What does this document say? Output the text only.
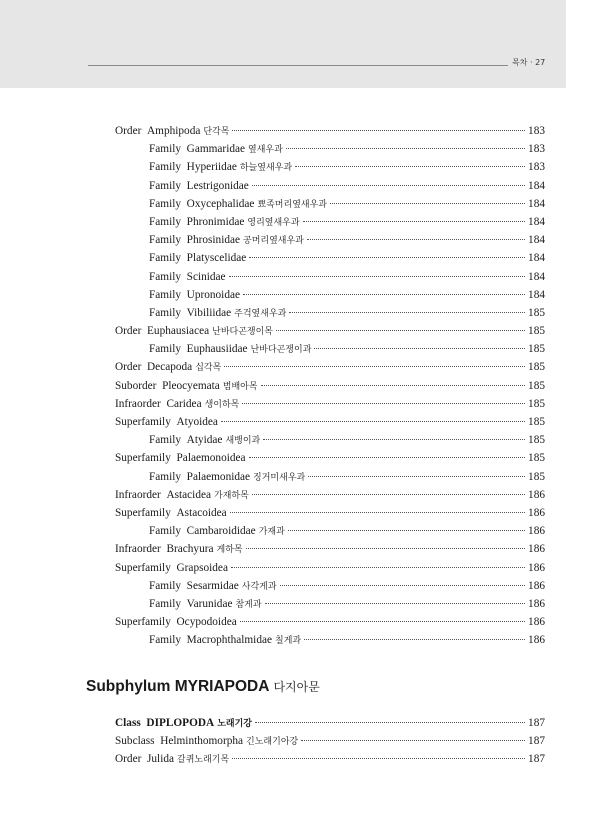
목차 · 27
Order Amphipoda 단각목	183
Family Gammaridae 옆새우과	183
Family Hyperiidae 하늘옆새우과	183
Family Lestrigonidae	184
Family Oxycephalidae 뾰족머리옆새우과	184
Family Phronimidae 영리옆새우과	184
Family Phrosinidae 공머리옆새우과	184
Family Platyscelidae	184
Family Scinidae	184
Family Upronoidae	184
Family Vibiliidae 주걱옆새우과	185
Order Euphausiacea 난바다곤쟁이목	185
Family Euphausiidae 난바다곤쟁이과	185
Order Decapoda 십각목	185
Suborder Pleocyemata 범배아목	185
Infraorder Caridea 생이하목	185
Superfamily Atyoidea	185
Family Atyidae 새뱅이과	185
Superfamily Palaemonoidea	185
Family Palaemonidae 징거미새우과	185
Infraorder Astacidea 가재하목	186
Superfamily Astacoidea	186
Family Cambaroididae 가재과	186
Infraorder Brachyura 게하목	186
Superfamily Grapsoidea	186
Family Sesarmidae 사각게과	186
Family Varunidae 참게과	186
Superfamily Ocypodoidea	186
Family Macrophthalmidae 칠게과	186
Subphylum MYRIAPODA 다지아문
Class DIPLOPODA 노래기강	187
Subclass Helminthomorpha 긴노래기아강	187
Order Julida 갈퀴노래기목	187
